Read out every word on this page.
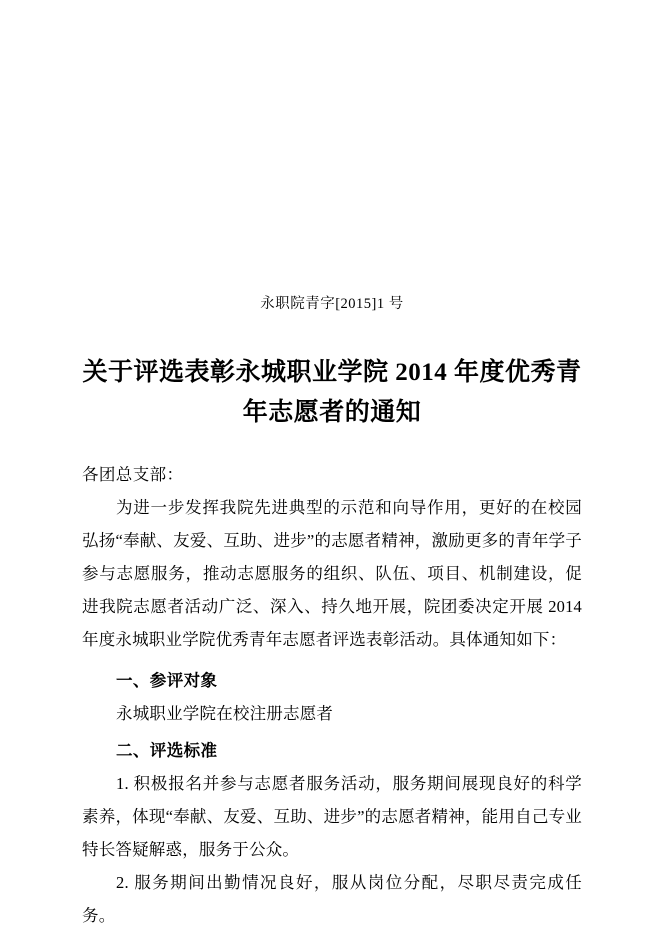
永职院青字[2015]1 号
关于评选表彰永城职业学院 2014 年度优秀青
年志愿者的通知
各团总支部：
为进一步发挥我院先进典型的示范和向导作用，更好的在校园弘扬“奉献、友爱、互助、进步”的志愿者精神，激励更多的青年学子参与志愿服务，推动志愿服务的组织、队伍、项目、机制建设，促进我院志愿者活动广泛、深入、持久地开展，院团委决定开展 2014 年度永城职业学院优秀青年志愿者评选表彰活动。具体通知如下：
一、参评对象
永城职业学院在校注册志愿者
二、评选标准
1. 积极报名并参与志愿者服务活动，服务期间展现良好的科学素养，体现“奉献、友爱、互助、进步”的志愿者精神，能用自己专业特长答疑解惑，服务于公众。
2. 服务期间出勤情况良好，服从岗位分配，尽职尽责完成任务。
